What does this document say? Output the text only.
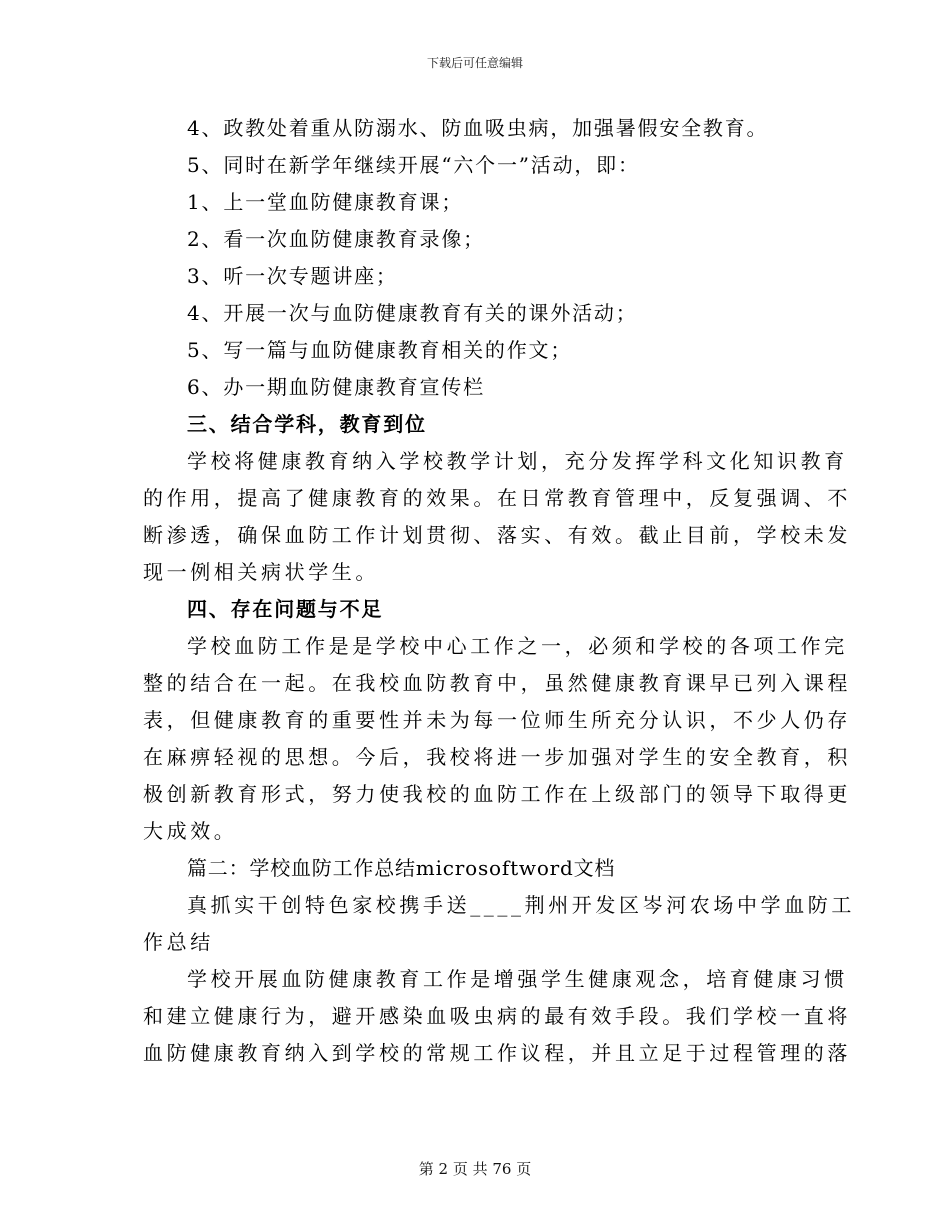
下载后可任意编辑
4、政教处着重从防溺水、防血吸虫病，加强暑假安全教育。
5、同时在新学年继续开展“六个一”活动，即：
1、上一堂血防健康教育课；
2、看一次血防健康教育录像；
3、听一次专题讲座；
4、开展一次与血防健康教育有关的课外活动；
5、写一篇与血防健康教育相关的作文；
6、办一期血防健康教育宣传栏
三、结合学科，教育到位
学校将健康教育纳入学校教学计划，充分发挥学科文化知识教育
的作用，提高了健康教育的效果。在日常教育管理中，反复强调、不
断渗透，确保血防工作计划贯彻、落实、有效。截止目前，学校未发
现一例相关病状学生。
四、存在问题与不足
学校血防工作是是学校中心工作之一，必须和学校的各项工作完
整的结合在一起。在我校血防教育中，虽然健康教育课早已列入课程
表，但健康教育的重要性并未为每一位师生所充分认识，不少人仍存
在麻痹轻视的思想。今后，我校将进一步加强对学生的安全教育，积
极创新教育形式，努力使我校的血防工作在上级部门的领导下取得更
大成效。
篇二：学校血防工作总结microsoftword文档
真抓实干创特色家校携手送____荆州开发区岑河农场中学血防工
作总结
学校开展血防健康教育工作是增强学生健康观念，培育健康习惯
和建立健康行为，避开感染血吸虫病的最有效手段。我们学校一直将
血防健康教育纳入到学校的常规工作议程，并且立足于过程管理的落
第 2 页 共 76 页
